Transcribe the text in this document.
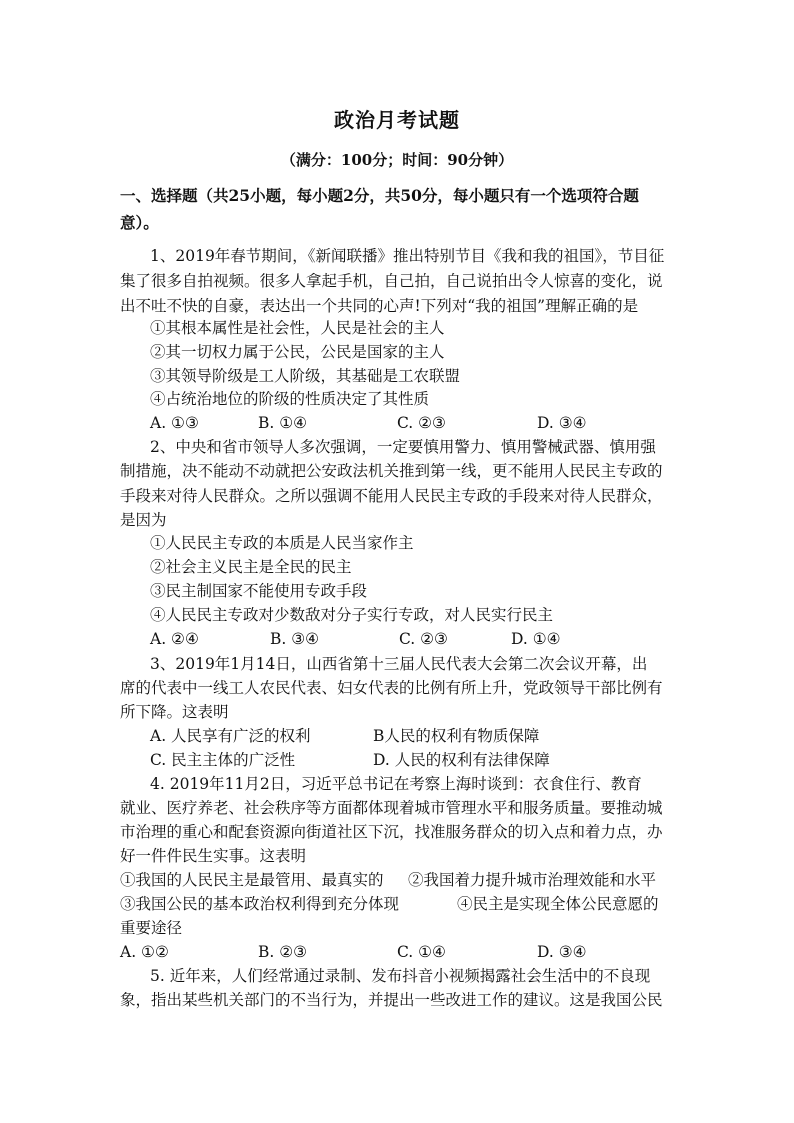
政治月考试题
（满分：100分；时间：90分钟）
一、选择题（共25小题，每小题2分，共50分，每小题只有一个选项符合题
意）。
1、2019年春节期间，《新闻联播》推出特别节目《我和我的祖国》，节目征
集了很多自拍视频。很多人拿起手机，自己拍，自己说拍出令人惊喜的变化，说
出不吐不快的自豪，表达出一个共同的心声!下列对“我的祖国”理解正确的是
①其根本属性是社会性，人民是社会的主人
②其一切权力属于公民，公民是国家的主人
③其领导阶级是工人阶级，其基础是工农联盟
④占统治地位的阶级的性质决定了其性质
A. ①③	B. ①④	C. ②③	D. ③④
2、中央和省市领导人多次强调，一定要慎用警力、慎用警械武器、慎用强
制措施，决不能动不动就把公安政法机关推到第一线，更不能用人民民主专政的
手段来对待人民群众。之所以强调不能用人民民主专政的手段来对待人民群众，
是因为
①人民民主专政的本质是人民当家作主
②社会主义民主是全民的民主
③民主制国家不能使用专政手段
④人民民主专政对少数敌对分子实行专政，对人民实行民主
A. ②④	B. ③④	C. ②③	D. ①④
3、2019年1月14日，山西省第十三届人民代表大会第二次会议开幕，出
席的代表中一线工人农民代表、妇女代表的比例有所上升，党政领导干部比例有
所下降。这表明
A. 人民享有广泛的权利	B人民的权利有物质保障
C. 民主主体的广泛性	D. 人民的权利有法律保障
4. 2019年11月2日，习近平总书记在考察上海时谈到：衣食住行、教育
就业、医疗养老、社会秩序等方面都体现着城市管理水平和服务质量。要推动城
市治理的重心和配套资源向街道社区下沉，找准服务群众的切入点和着力点，办
好一件件民生实事。这表明
①我国的人民民主是最管用、最真实的 ②我国着力提升城市治理效能和水平
③我国公民的基本政治权利得到充分体现	④民主是实现全体公民意愿的
重要途径
A. ①②	B. ②③	C. ①④	D. ③④
5. 近年来，人们经常通过录制、发布抖音小视频揭露社会生活中的不良现
象，指出某些机关部门的不当行为，并提出一些改进工作的建议。这是我国公民
